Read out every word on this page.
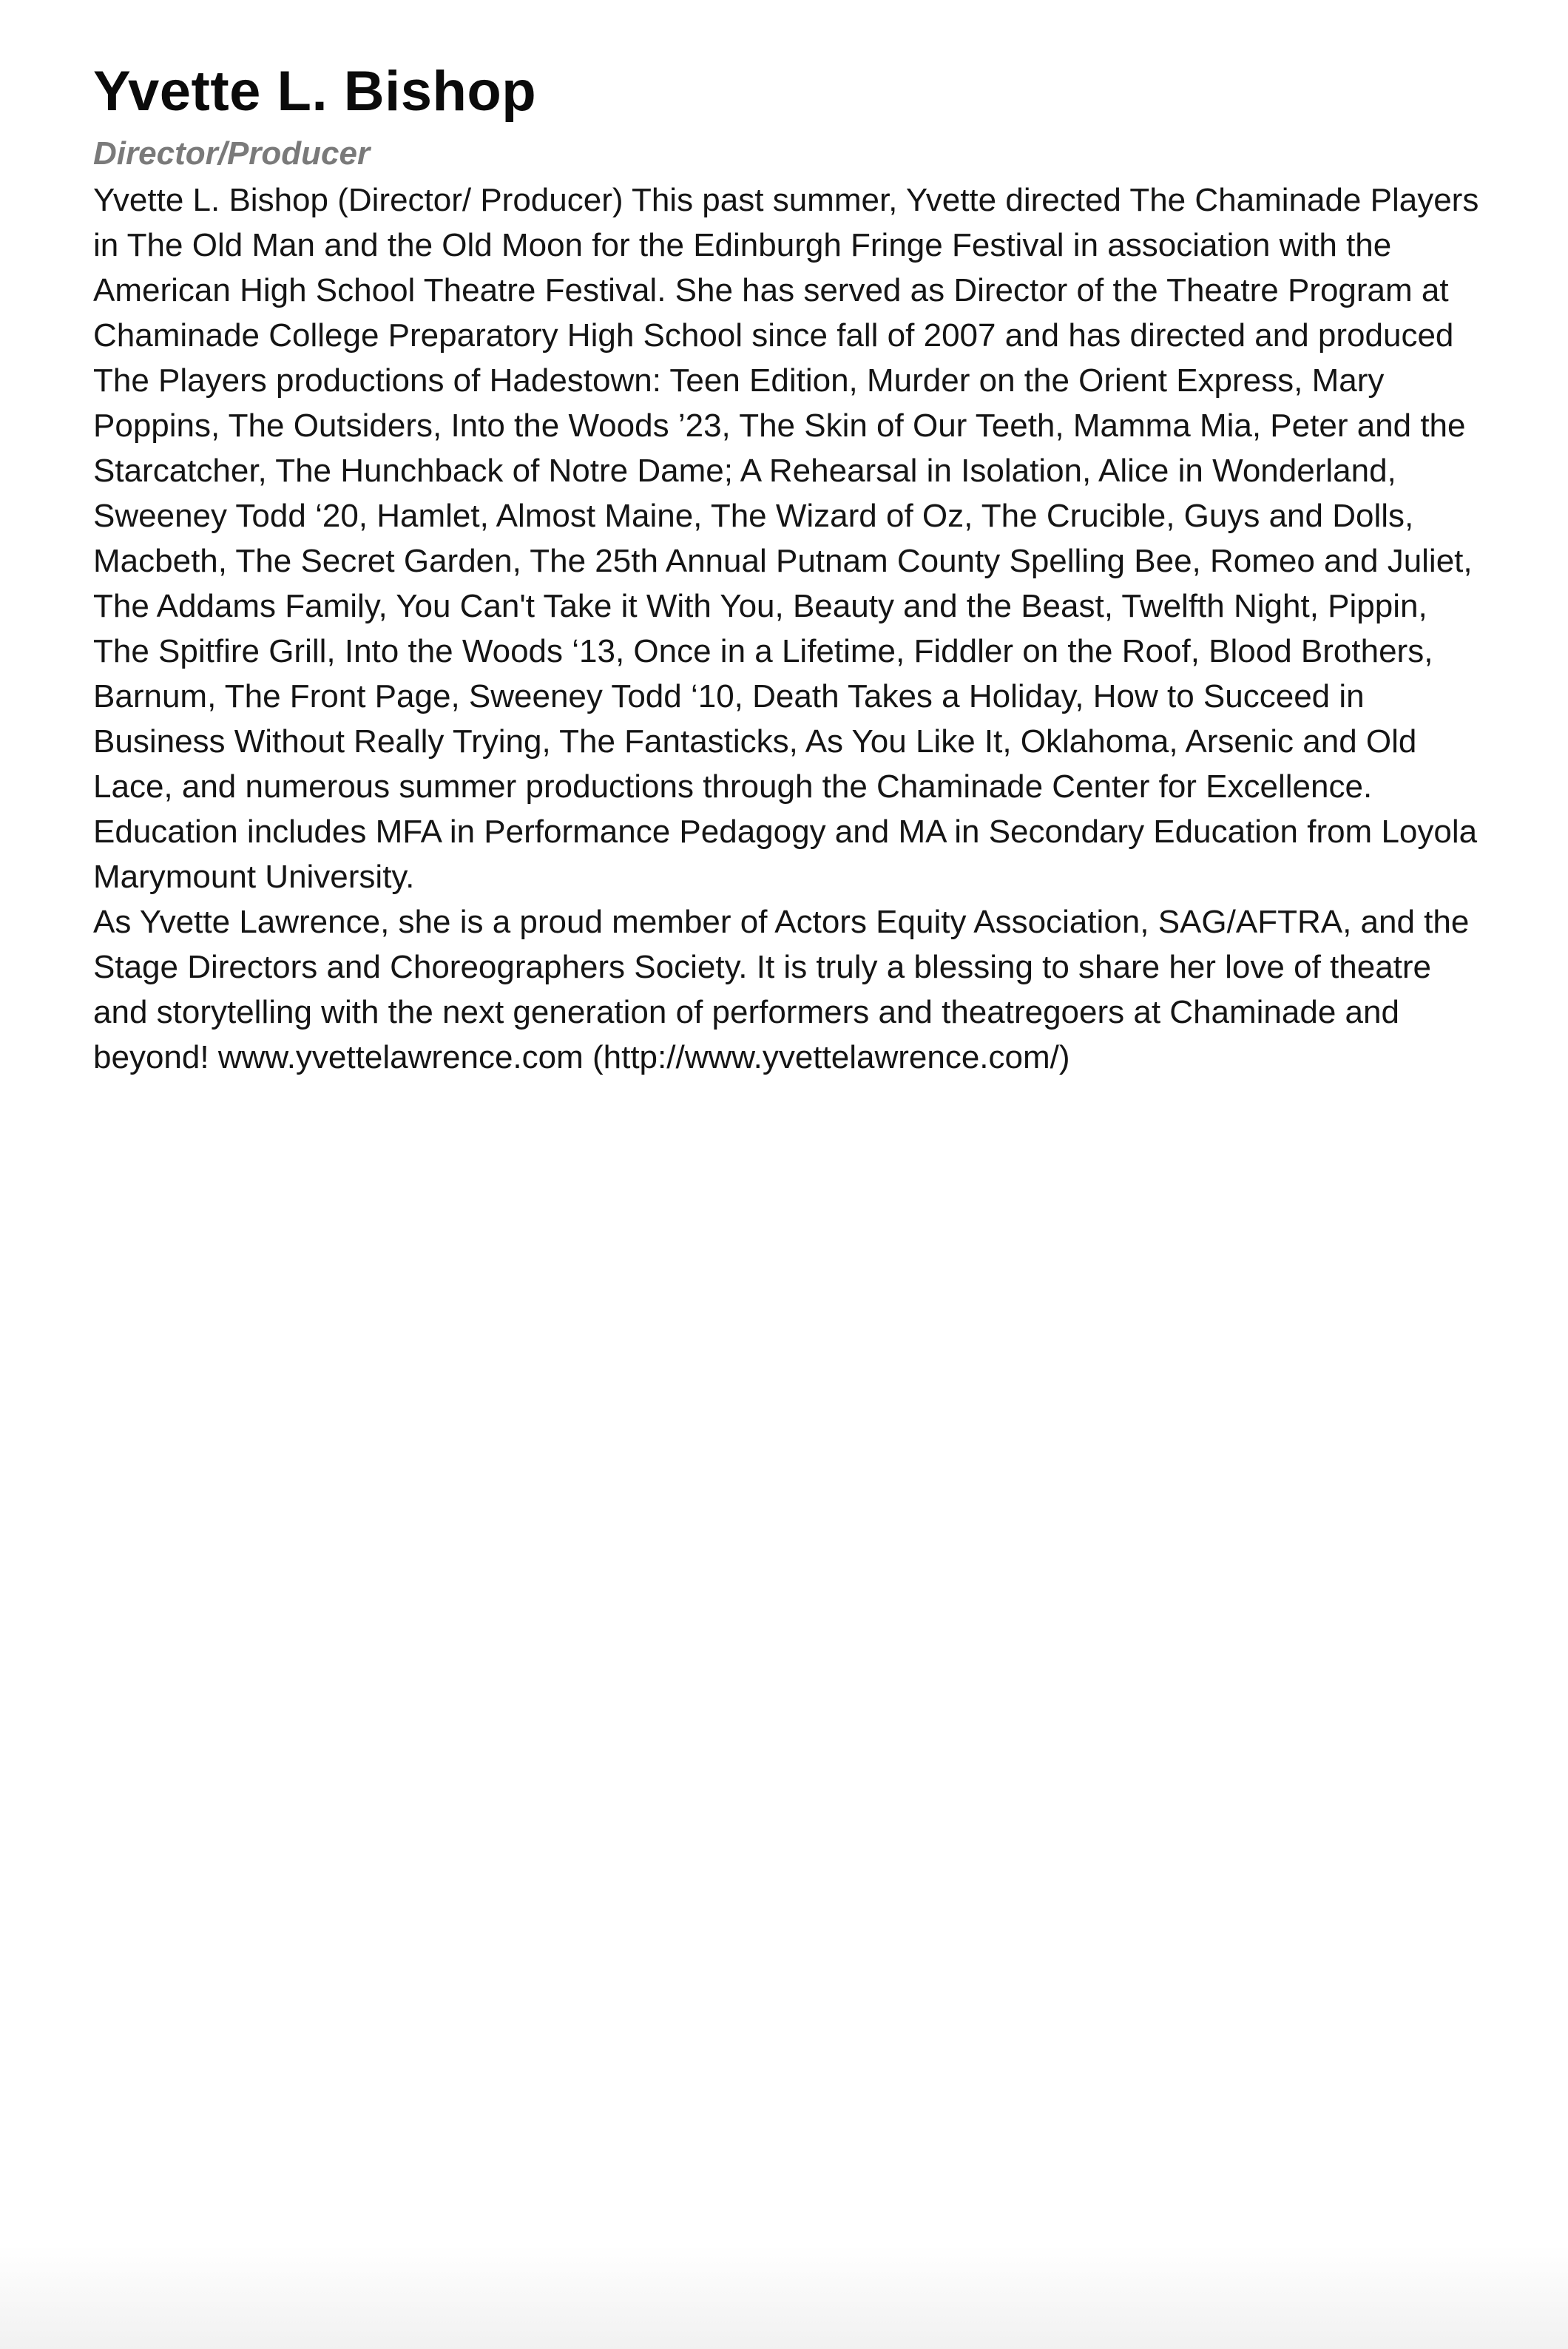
Yvette L. Bishop
Director/Producer

Yvette L. Bishop (Director/ Producer) This past summer, Yvette directed The Chaminade Players in The Old Man and the Old Moon for the Edinburgh Fringe Festival in association with the American High School Theatre Festival. She has served as Director of the Theatre Program at Chaminade College Preparatory High School since fall of 2007 and has directed and produced The Players productions of Hadestown: Teen Edition, Murder on the Orient Express, Mary Poppins, The Outsiders, Into the Woods ’23, The Skin of Our Teeth, Mamma Mia, Peter and the Starcatcher, The Hunchback of Notre Dame; A Rehearsal in Isolation, Alice in Wonderland, Sweeney Todd ‘20, Hamlet, Almost Maine, The Wizard of Oz, The Crucible, Guys and Dolls, Macbeth, The Secret Garden, The 25th Annual Putnam County Spelling Bee, Romeo and Juliet, The Addams Family, You Can't Take it With You, Beauty and the Beast, Twelfth Night, Pippin, The Spitfire Grill, Into the Woods ‘13, Once in a Lifetime, Fiddler on the Roof, Blood Brothers, Barnum, The Front Page, Sweeney Todd ‘10, Death Takes a Holiday, How to Succeed in Business Without Really Trying, The Fantasticks, As You Like It, Oklahoma, Arsenic and Old Lace, and numerous summer productions through the Chaminade Center for Excellence. Education includes MFA in Performance Pedagogy and MA in Secondary Education from Loyola Marymount University.

As Yvette Lawrence, she is a proud member of Actors Equity Association, SAG/AFTRA, and the Stage Directors and Choreographers Society. It is truly a blessing to share her love of theatre and storytelling with the next generation of performers and theatregoers at Chaminade and beyond! www.yvettelawrence.com (http://www.yvettelawrence.com/)
